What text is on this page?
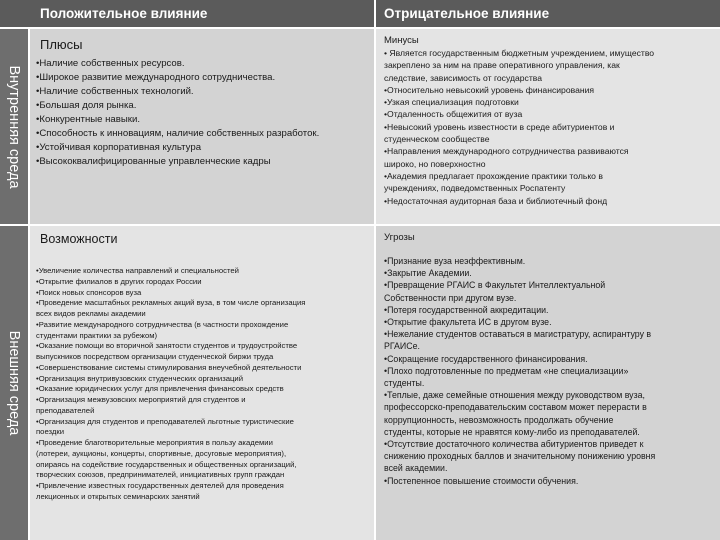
Положительное влияние	Отрицательное влияние
Внутренняя среда
Внешняя среда
Плюсы
•Наличие собственных ресурсов.
•Широкое развитие международного сотрудничества.
•Наличие собственных технологий.
•Большая доля рынка.
•Конкурентные навыки.
•Способность к инновациям, наличие собственных разработок.
•Устойчивая корпоративная культура
•Высококвалифицированные управленческие кадры
Минусы
• Является государственным бюджетным учреждением, имущество
закреплено за ним на праве оперативного управления, как
следствие, зависимость от государства
•Относительно невысокий уровень финансирования
•Узкая специализация подготовки
•Отдаленность общежития от вуза
•Невысокий уровень известности в среде абитуриентов и
студенческом сообществе
•Направления международного сотрудничества развиваются
широко, но поверхностно
•Академия предлагает прохождение практики только в
учреждениях, подведомственных Роспатенту
•Недостаточная аудиторная база и библиотечный фонд
Возможности
•Увеличение количества направлений и специальностей
•Открытие филиалов в других городах России
•Поиск новых спонсоров вуза
•Проведение масштабных рекламных акций вуза, в том числе организация
всех видов рекламы академии
•Развитие международного сотрудничества (в частности прохождение
студентами практики за рубежом)
•Оказание помощи во вторичной занятости студентов и трудоустройстве
выпускников посредством организации студенческой биржи труда
•Совершенствование системы стимулирования внеучебной деятельности
•Организация внутривузовских студенческих организаций
•Оказание юридических услуг для привлечения финансовых средств
•Организация межвузовских мероприятий для студентов и
преподавателей
•Организация для студентов и преподавателей льготные туристические
поездки
•Проведение благотворительные мероприятия в пользу академии
(лотереи, аукционы, концерты, спортивные, досуговые мероприятия),
опираясь на содействие государственных и общественных организаций,
творческих союзов, предпринимателей, инициативных групп граждан
•Привлечение известных государственных деятелей для проведения
лекционных и открытых семинарских занятий
Угрозы
•Признание вуза неэффективным.
•Закрытие Академии.
•Превращение РГАИС в Факультет Интеллектуальной
Собственности при другом вузе.
•Потеря государственной аккредитации.
•Открытие факультета ИС в другом вузе.
•Нежелание студентов оставаться в магистратуру, аспирантуру в
РГАИСе.
•Сокращение государственного финансирования.
•Плохо подготовленные по предметам «не специализации»
студенты.
•Теплые, даже семейные отношения между руководством вуза,
профессорско-преподавательским составом может перерасти в
коррупционность, невозможность продолжать обучение
студенты, которые не нравятся кому-либо из преподавателей.
•Отсутствие достаточного количества абитуриентов приведет к
снижению проходных баллов и значительному понижению уровня
всей академии.
•Постепенное повышение стоимости обучения.
